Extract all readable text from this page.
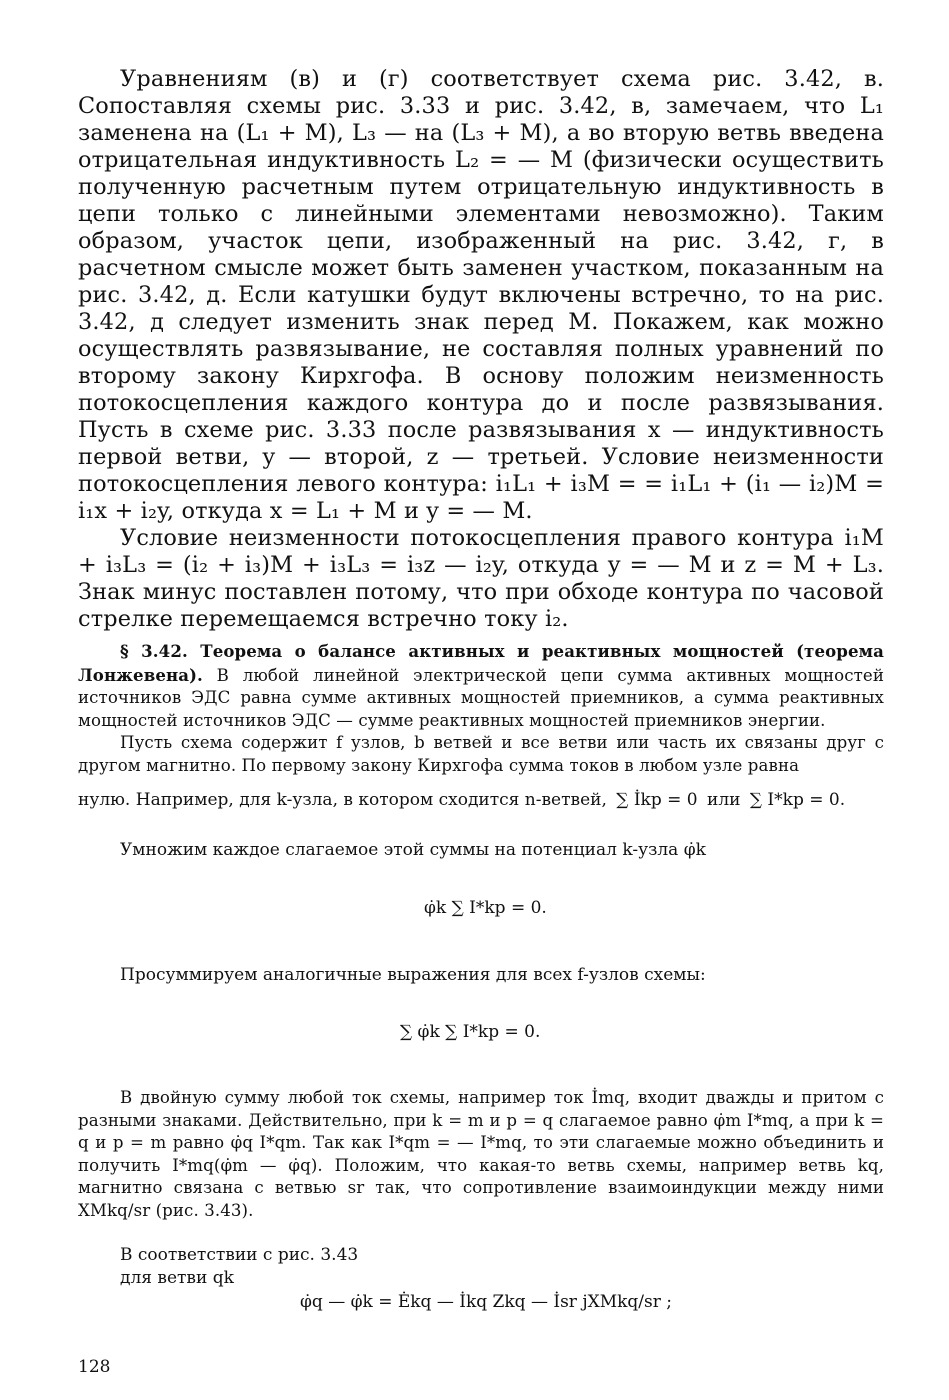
Уравнениям (в) и (г) соответствует схема рис. 3.42, в. Сопоставляя схемы рис. 3.33 и рис. 3.42, в, замечаем, что L₁ заменена на (L₁ + M), L₃ — на (L₃ + M), а во вторую ветвь введена отрицательная индуктивность L₂ = — M (физически осуществить полученную расчетным путем отрицательную индуктивность в цепи только с линейными элементами невозможно). Таким образом, участок цепи, изображенный на рис. 3.42, г, в расчетном смысле может быть заменен участком, показанным на рис. 3.42, д. Если катушки будут включены встречно, то на рис. 3.42, д следует изменить знак перед M. Покажем, как можно осуществлять развязывание, не составляя полных уравнений по второму закону Кирхгофа. В основу положим неизменность потокосцепления каждого контура до и после развязывания. Пусть в схеме рис. 3.33 после развязывания x — индуктивность первой ветви, y — второй, z — третьей. Условие неизменности потокосцепления левого контура: i₁L₁ + i₃M = = i₁L₁ + (i₁ — i₂)M = i₁x + i₂y, откуда x = L₁ + M и y = — M.

Условие неизменности потокосцепления правого контура i₁M + i₃L₃ = (i₂ + i₃)M + i₃L₃ = i₃z — i₂y, откуда y = — M и z = M + L₃. Знак минус поставлен потому, что при обходе контура по часовой стрелке перемещаемся встречно току i₂.

§ 3.42. Теорема о балансе активных и реактивных мощностей (теорема Лонжевена). В любой линейной электрической цепи сумма активных мощностей источников ЭДС равна сумме активных мощностей приемников, а сумма реактивных мощностей источников ЭДС — сумме реактивных мощностей приемников энергии.

Пусть схема содержит f узлов, b ветвей и все ветви или часть их связаны друг с другом магнитно. По первому закону Кирхгофа сумма токов в любом узле равна

нулю. Например, для k-узла, в котором сходится n-ветвей, ∑ İkp = 0 или ∑ I*kp = 0.
Умножим каждое слагаемое этой суммы на потенциал k-узла φ̇k
φ̇k ∑ I*kp = 0.
Просуммируем аналогичные выражения для всех f-узлов схемы:
∑ φ̇k ∑ I*kp = 0.

В двойную сумму любой ток схемы, например ток İmq, входит дважды и притом с разными знаками. Действительно, при k = m и p = q слагаемое равно φ̇m I*mq, а при k = q и p = m равно φ̇q I*qm. Так как I*qm = — I*mq, то эти слагаемые можно объединить и получить I*mq(φ̇m — φ̇q). Положим, что какая-то ветвь схемы, например ветвь kq, магнитно связана с ветвью sr так, что сопротивление взаимоиндукции между ними XMkq/sr (рис. 3.43).

В соответствии с рис. 3.43
для ветви qk
φ̇q — φ̇k = Ėkq — İkq Zkq — İsr jXMkq/sr ;
128
